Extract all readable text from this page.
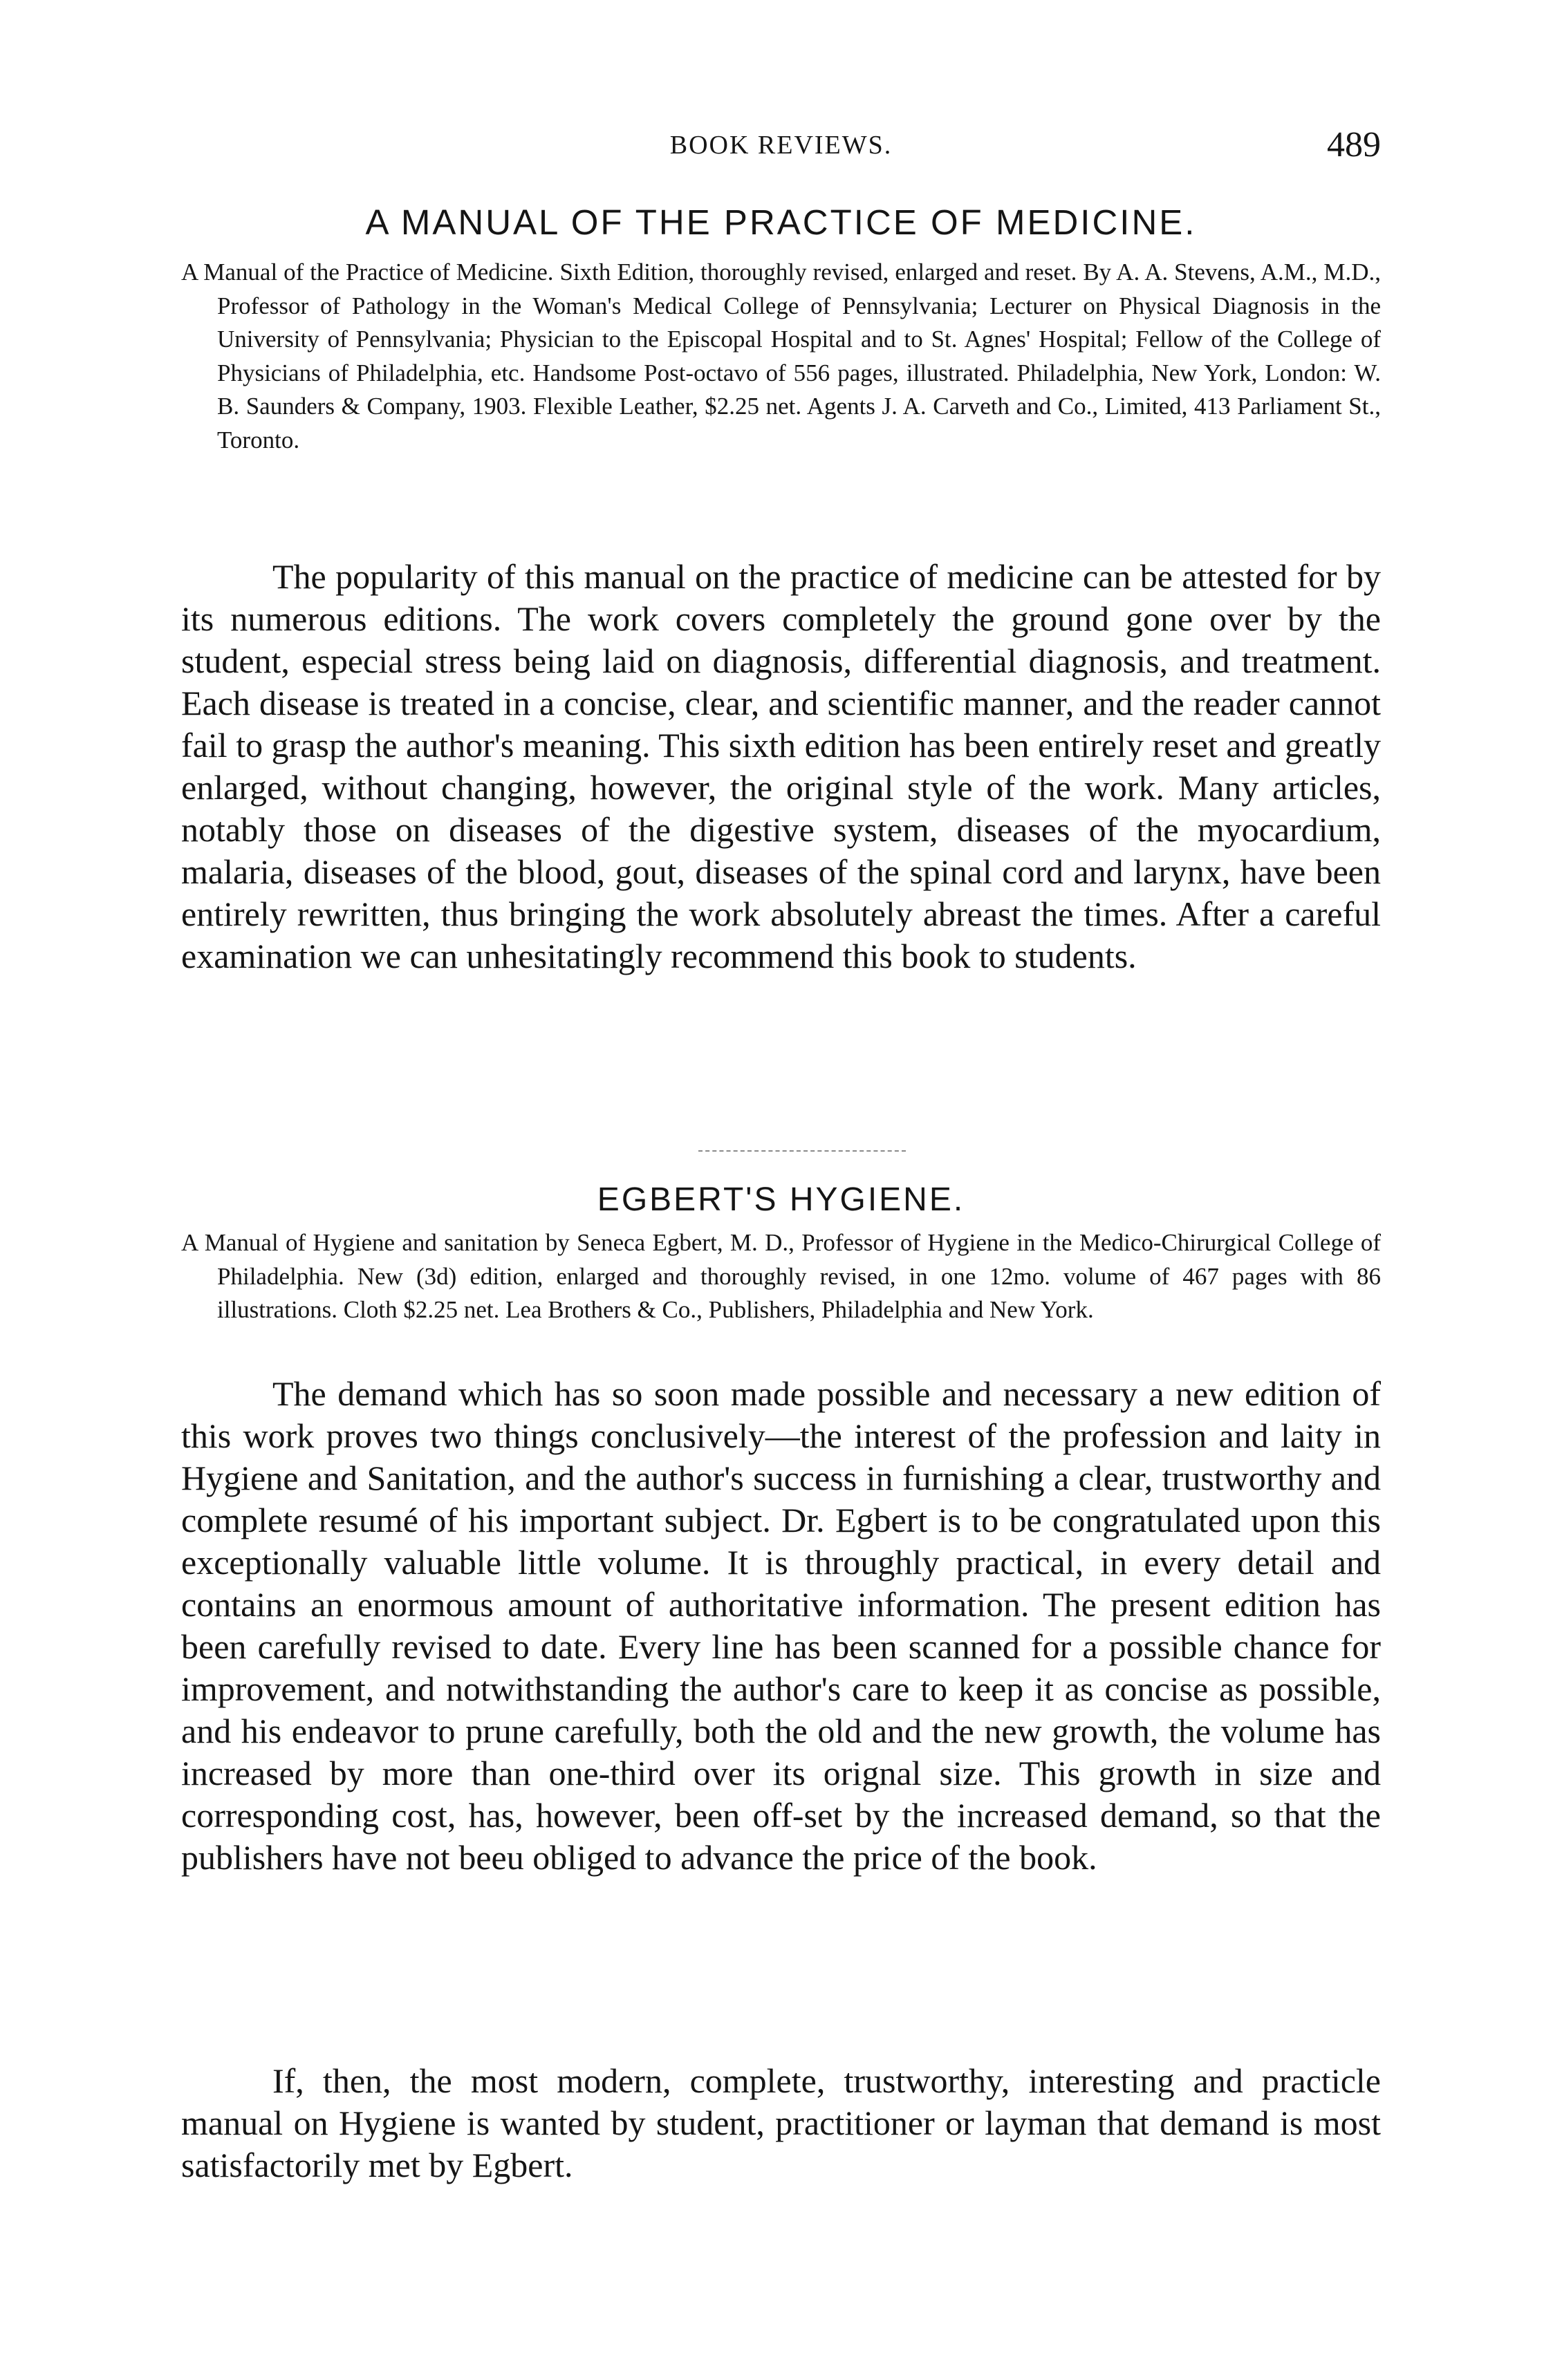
BOOK REVIEWS.	489
A MANUAL OF THE PRACTICE OF MEDICINE.
A Manual of the Practice of Medicine. Sixth Edition, thoroughly revised, enlarged and reset. By A. A. Stevens, A.M., M.D., Professor of Pathology in the Woman's Medical College of Pennsylvania; Lecturer on Physical Diagnosis in the University of Pennsylvania; Physician to the Episcopal Hospital and to St. Agnes' Hospital; Fellow of the College of Physicians of Philadelphia, etc. Handsome Post-octavo of 556 pages, illustrated. Philadelphia, New York, London: W. B. Saunders & Company, 1903. Flexible Leather, $2.25 net. Agents J. A. Carveth and Co., Limited, 413 Parliament St., Toronto.

The popularity of this manual on the practice of medicine can be attested for by its numerous editions. The work covers completely the ground gone over by the student, especial stress being laid on diagnosis, differential diagnosis, and treatment. Each disease is treated in a concise, clear, and scientific manner, and the reader cannot fail to grasp the author's meaning. This sixth edition has been entirely reset and greatly enlarged, without changing, however, the original style of the work. Many articles, notably those on diseases of the digestive system, diseases of the myocardium, malaria, diseases of the blood, gout, diseases of the spinal cord and larynx, have been entirely rewritten, thus bringing the work absolutely abreast the times. After a careful examination we can unhesitatingly recommend this book to students.

EGBERT'S HYGIENE.
A Manual of Hygiene and sanitation by Seneca Egbert, M. D., Professor of Hygiene in the Medico-Chirurgical College of Philadelphia. New (3d) edition, enlarged and thoroughly revised, in one 12mo. volume of 467 pages with 86 illustrations. Cloth $2.25 net. Lea Brothers & Co., Publishers, Philadelphia and New York.

The demand which has so soon made possible and necessary a new edition of this work proves two things conclusively—the interest of the profession and laity in Hygiene and Sanitation, and the author's success in furnishing a clear, trustworthy and complete resumé of his important subject. Dr. Egbert is to be congratulated upon this exceptionally valuable little volume. It is throughly practical, in every detail and contains an enormous amount of authoritative information. The present edition has been carefully revised to date. Every line has been scanned for a possible chance for improvement, and notwithstanding the author's care to keep it as concise as possible, and his endeavor to prune carefully, both the old and the new growth, the volume has increased by more than one-third over its orignal size. This growth in size and corresponding cost, has, however, been off-set by the increased demand, so that the publishers have not beeu obliged to advance the price of the book.

If, then, the most modern, complete, trustworthy, interesting and practicle manual on Hygiene is wanted by student, practitioner or layman that demand is most satisfactorily met by Egbert.
